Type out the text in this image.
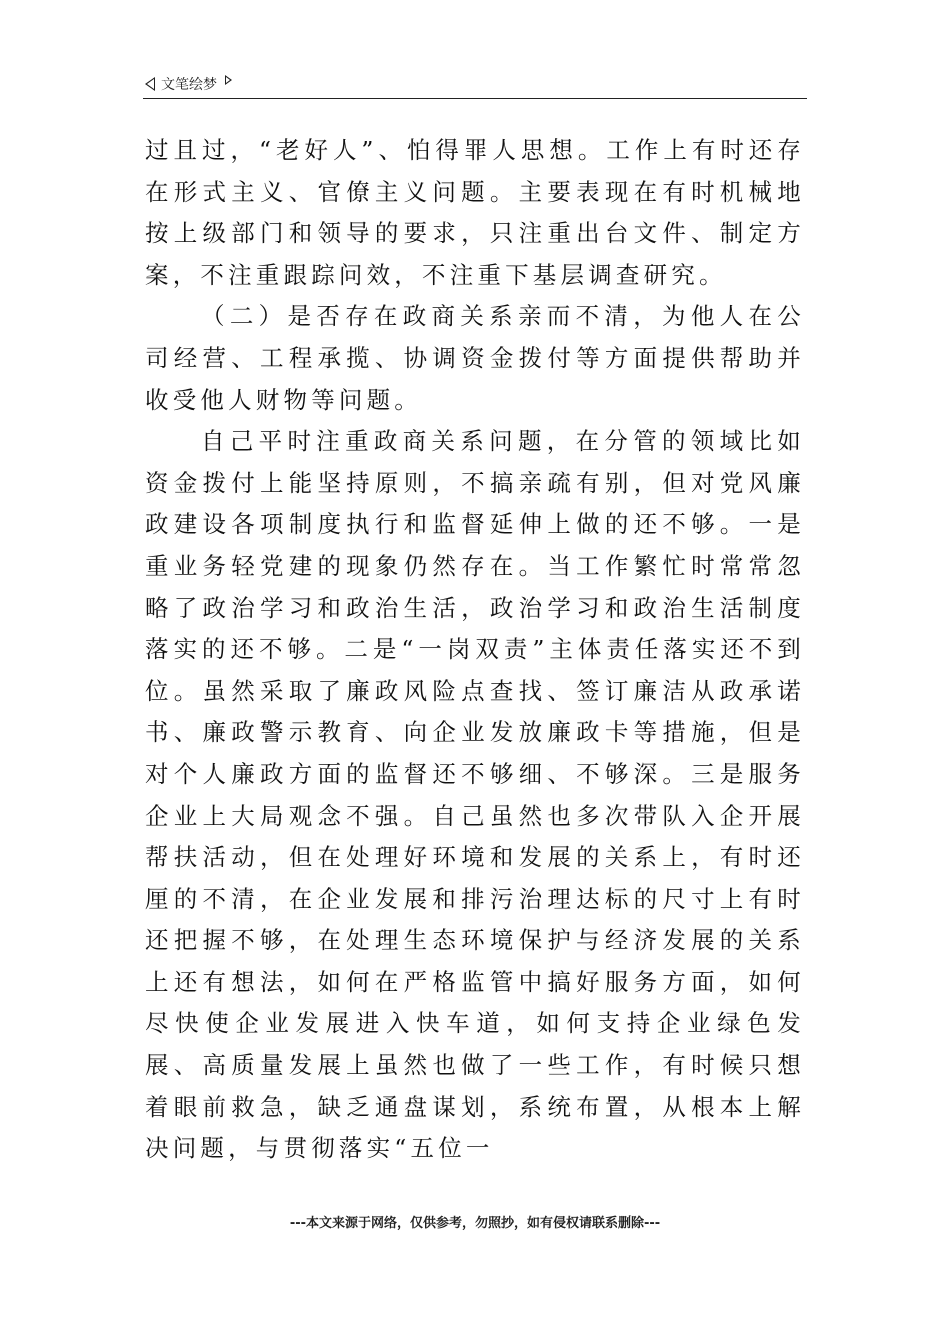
文笔绘梦

过且过，“老好人”、怕得罪人思想。工作上有时还存在形式主义、官僚主义问题。主要表现在有时机械地按上级部门和领导的要求，只注重出台文件、制定方案，不注重跟踪问效，不注重下基层调查研究。

（二）是否存在政商关系亲而不清，为他人在公司经营、工程承揽、协调资金拨付等方面提供帮助并收受他人财物等问题。

自己平时注重政商关系问题，在分管的领域比如资金拨付上能坚持原则，不搞亲疏有别，但对党风廉政建设各项制度执行和监督延伸上做的还不够。一是重业务轻党建的现象仍然存在。当工作繁忙时常常忽略了政治学习和政治生活，政治学习和政治生活制度落实的还不够。二是“一岗双责”主体责任落实还不到位。虽然采取了廉政风险点查找、签订廉洁从政承诺书、廉政警示教育、向企业发放廉政卡等措施，但是对个人廉政方面的监督还不够细、不够深。三是服务企业上大局观念不强。自己虽然也多次带队入企开展帮扶活动，但在处理好环境和发展的关系上，有时还厘的不清，在企业发展和排污治理达标的尺寸上有时还把握不够，在处理生态环境保护与经济发展的关系上还有想法，如何在严格监管中搞好服务方面，如何尽快使企业发展进入快车道，如何支持企业绿色发展、高质量发展上虽然也做了一些工作，有时候只想着眼前救急，缺乏通盘谋划，系统布置，从根本上解决问题，与贯彻落实“五位一

---本文来源于网络，仅供参考，勿照抄，如有侵权请联系删除---
